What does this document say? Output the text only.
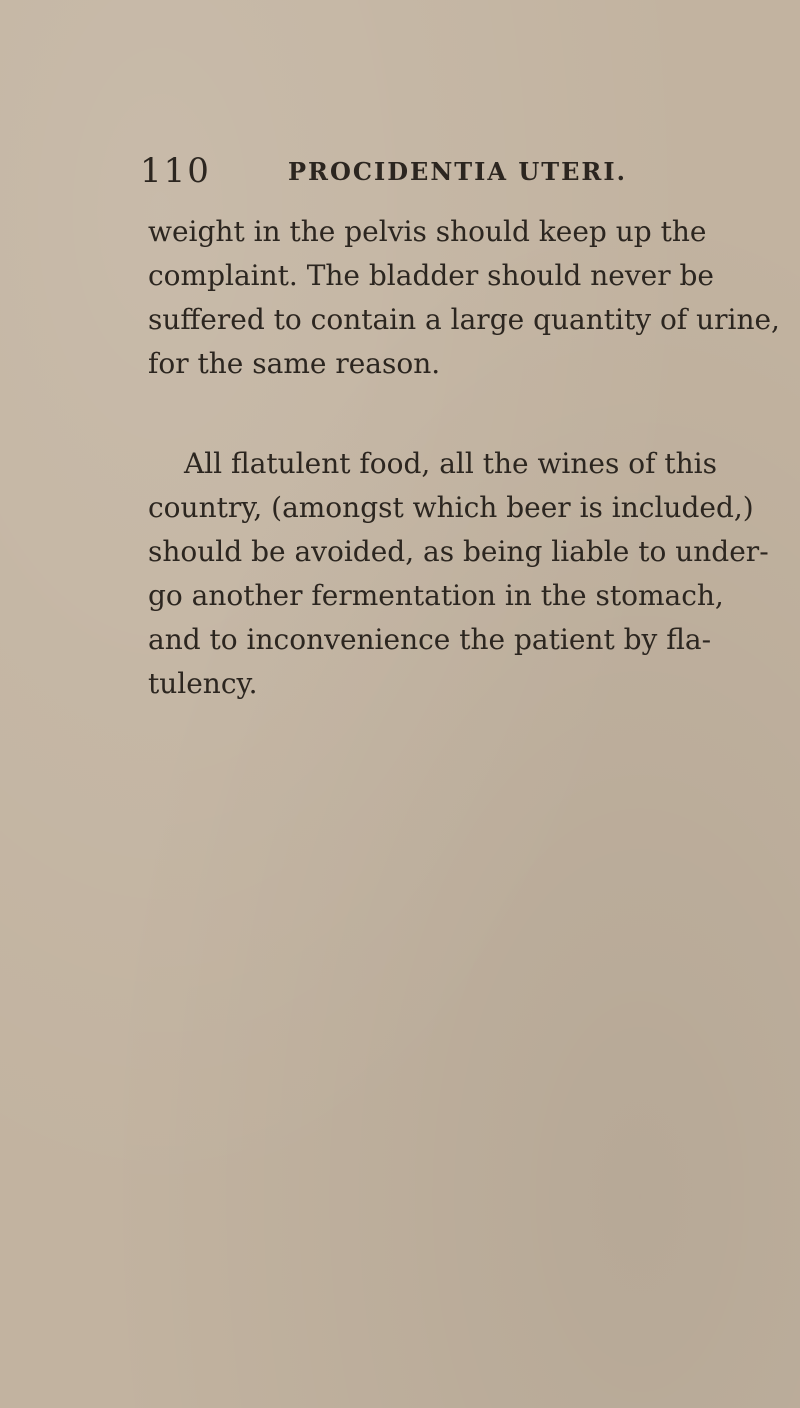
110	PROCIDENTIA UTERI.
weight in the pelvis should keep up the
complaint. The bladder should never be
suffered to contain a large quantity of urine,
for the same reason.
All flatulent food, all the wines of this
country, (amongst which beer is included,)
should be avoided, as being liable to under-
go another fermentation in the stomach,
and to inconvenience the patient by fla-
tulency.
